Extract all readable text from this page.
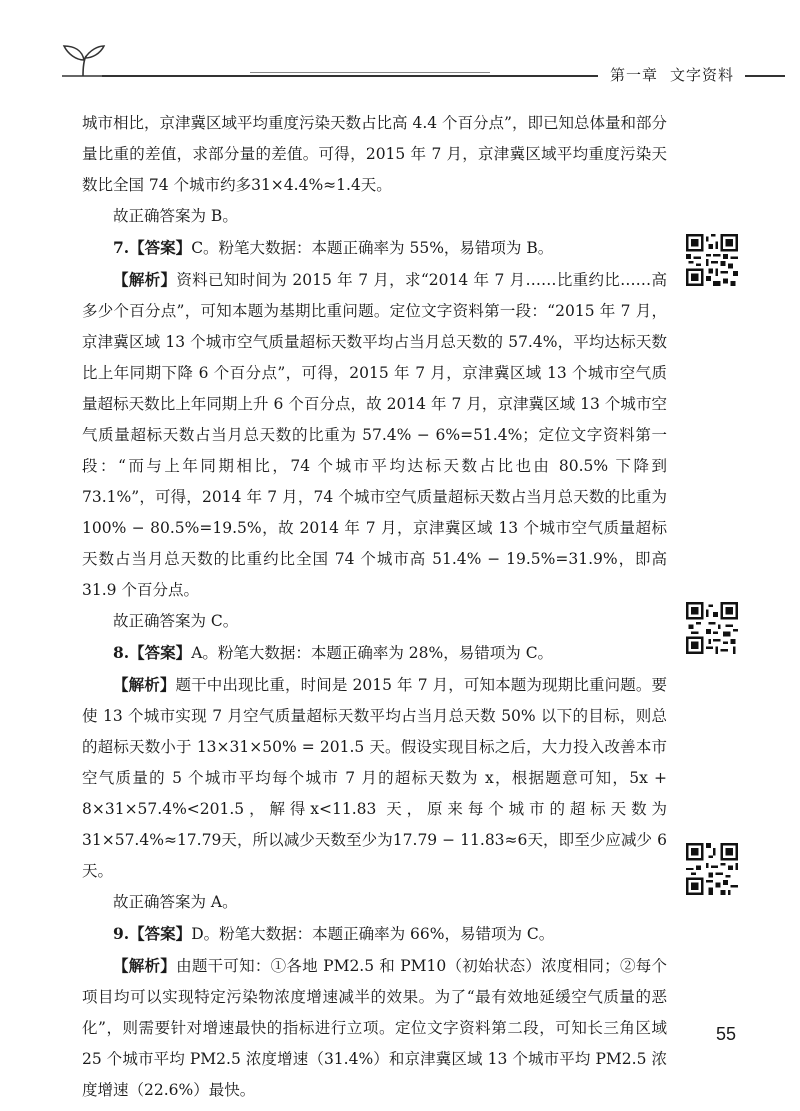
第一章 文字资料

城市相比，京津冀区域平均重度污染天数占比高 4.4 个百分点”，即已知总体量和部分量比重的差值，求部分量的差值。可得，2015 年 7 月，京津冀区域平均重度污染天数比全国 74 个城市约多31×4.4%≈1.4天。

故正确答案为 B。

7.【答案】C。粉笔大数据：本题正确率为 55%，易错项为 B。

【解析】资料已知时间为 2015 年 7 月，求“2014 年 7 月……比重约比……高多少个百分点”，可知本题为基期比重问题。定位文字资料第一段：“2015 年 7 月，京津冀区域 13 个城市空气质量超标天数平均占当月总天数的 57.4%，平均达标天数比上年同期下降 6 个百分点”，可得，2015 年 7 月，京津冀区域 13 个城市空气质量超标天数比上年同期上升 6 个百分点，故 2014 年 7 月，京津冀区域 13 个城市空气质量超标天数占当月总天数的比重为 57.4% − 6%=51.4%；定位文字资料第一段：“而与上年同期相比，74 个城市平均达标天数占比也由 80.5% 下降到 73.1%”，可得，2014 年 7 月，74 个城市空气质量超标天数占当月总天数的比重为 100% − 80.5%=19.5%，故 2014 年 7 月，京津冀区域 13 个城市空气质量超标天数占当月总天数的比重约比全国 74 个城市高 51.4% − 19.5%=31.9%，即高 31.9 个百分点。

故正确答案为 C。

8.【答案】A。粉笔大数据：本题正确率为 28%，易错项为 C。

【解析】题干中出现比重，时间是 2015 年 7 月，可知本题为现期比重问题。要使 13 个城市实现 7 月空气质量超标天数平均占当月总天数 50% 以下的目标，则总的超标天数小于 13×31×50% = 201.5 天。假设实现目标之后，大力投入改善本市空气质量的 5 个城市平均每个城市 7 月的超标天数为 x，根据题意可知，5x + 8×31×57.4%<201.5，解得x<11.83 天，原来每个城市的超标天数为 31×57.4%≈17.79天，所以减少天数至少为17.79 − 11.83≈6天，即至少应减少 6 天。

故正确答案为 A。

9.【答案】D。粉笔大数据：本题正确率为 66%，易错项为 C。

【解析】由题干可知：①各地 PM2.5 和 PM10（初始状态）浓度相同；②每个项目均可以实现特定污染物浓度增速减半的效果。为了“最有效地延缓空气质量的恶化”，则需要针对增速最快的指标进行立项。定位文字资料第二段，可知长三角区域 25 个城市平均 PM2.5 浓度增速（31.4%）和京津冀区域 13 个城市平均 PM2.5 浓度增速（22.6%）最快。

55
